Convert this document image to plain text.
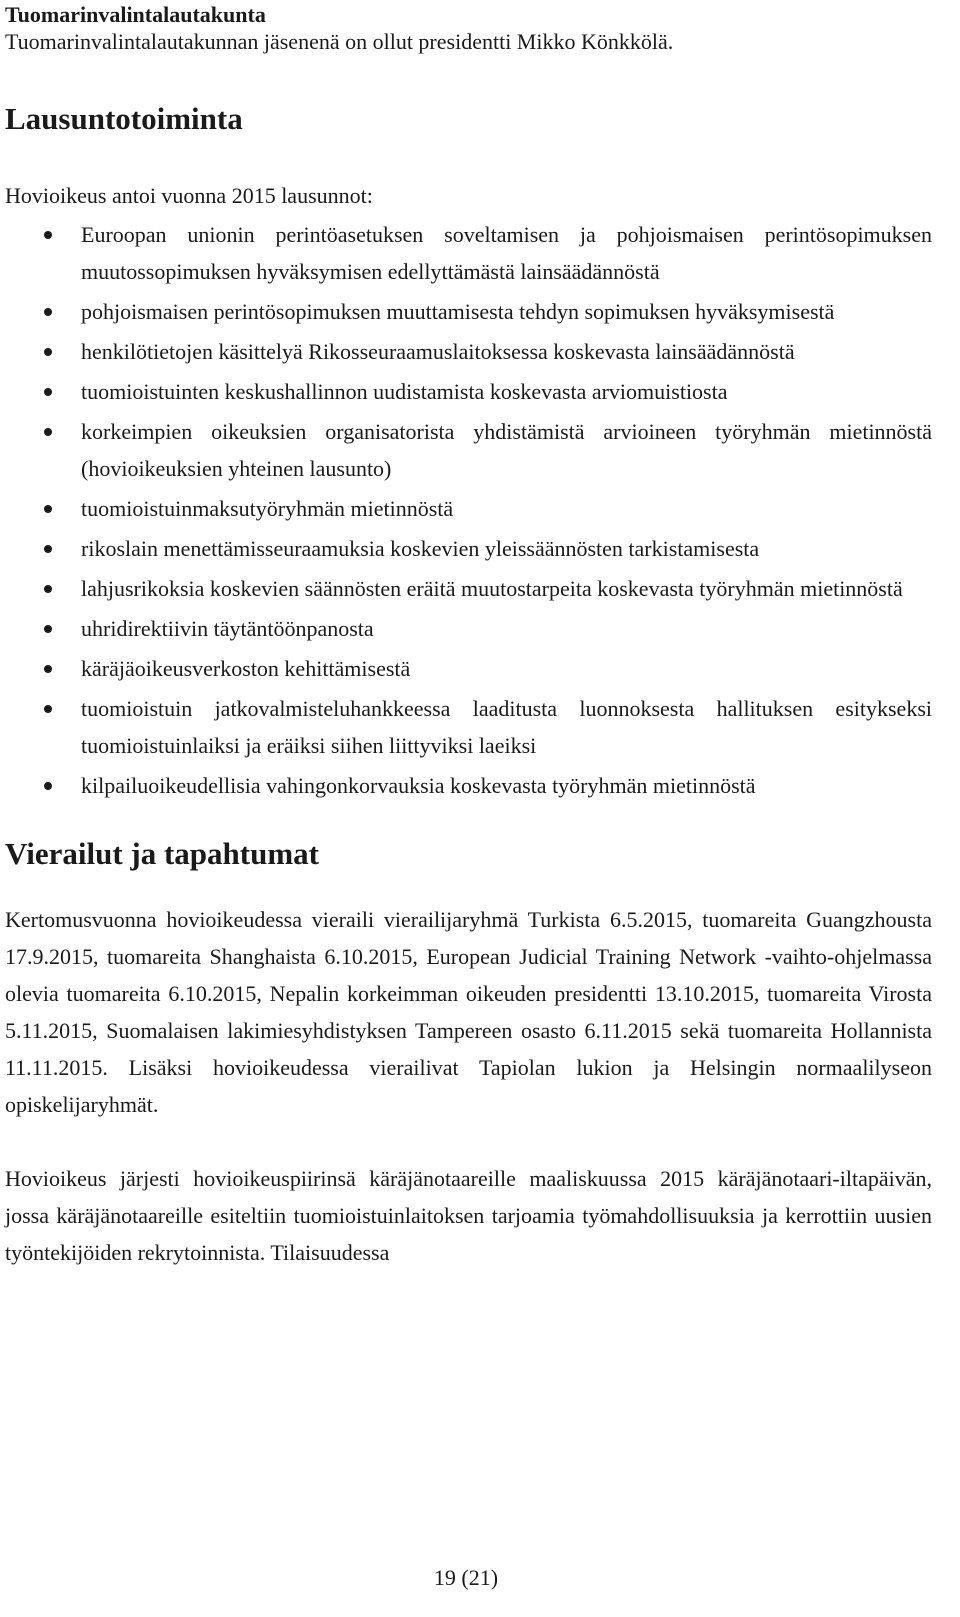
Tuomarinvalintalautakunta
Tuomarinvalintalautakunnan jäsenenä on ollut presidentti Mikko Könkkölä.
Lausuntotoiminta

Hovioikeus antoi vuonna 2015 lausunnot:

Euroopan unionin perintöasetuksen soveltamisen ja pohjoismaisen perintösopimuksen muutossopimuksen hyväksymisen edellyttämästä lainsäädännöstä
pohjoismaisen perintösopimuksen muuttamisesta tehdyn sopimuksen hyväksymisestä
henkilötietojen käsittelyä Rikosseuraamuslaitoksessa koskevasta lainsäädännöstä
tuomioistuinten keskushallinnon uudistamista koskevasta arviomuistiosta
korkeimpien oikeuksien organisatorista yhdistämistä arvioineen työryhmän mietinnöstä (hovioikeuksien yhteinen lausunto)
tuomioistuinmaksutyöryhmän mietinnöstä
rikoslain menettämisseuraamuksia koskevien yleissäännösten tarkistamisesta
lahjusrikoksia koskevien säännösten eräitä muutostarpeita koskevasta työryhmän mietinnöstä
uhridirektiivin täytäntöönpanosta
käräjäoikeusverkoston kehittämisestä
tuomioistuin jatkovalmisteluhankkeessa laaditusta luonnoksesta hallituksen esitykseksi tuomioistuinlaiksi ja eräiksi siihen liittyviksi laeiksi
kilpailuoikeudellisia vahingonkorvauksia koskevasta työryhmän mietinnöstä
Vierailut ja tapahtumat

Kertomusvuonna hovioikeudessa vieraili vierailijaryhmä Turkista 6.5.2015, tuomareita Guangzhousta 17.9.2015, tuomareita Shanghaista 6.10.2015, European Judicial Training Network -vaihto-ohjelmassa olevia tuomareita 6.10.2015, Nepalin korkeimman oikeuden presidentti 13.10.2015, tuomareita Virosta 5.11.2015, Suomalaisen lakimiesyhdistyksen Tampereen osasto 6.11.2015 sekä tuomareita Hollannista 11.11.2015. Lisäksi hovioikeudessa vierailivat Tapiolan lukion ja Helsingin normaalilyseon opiskelijaryhmät.

Hovioikeus järjesti hovioikeuspiirinsä käräjänotaareille maaliskuussa 2015 käräjänotaari-iltapäivän, jossa käräjänotaareille esiteltiin tuomioistuinlaitoksen tarjoamia työmahdollisuuksia ja kerrottiin uusien työntekijöiden rekrytoinnista. Tilaisuudessa

19 (21)
